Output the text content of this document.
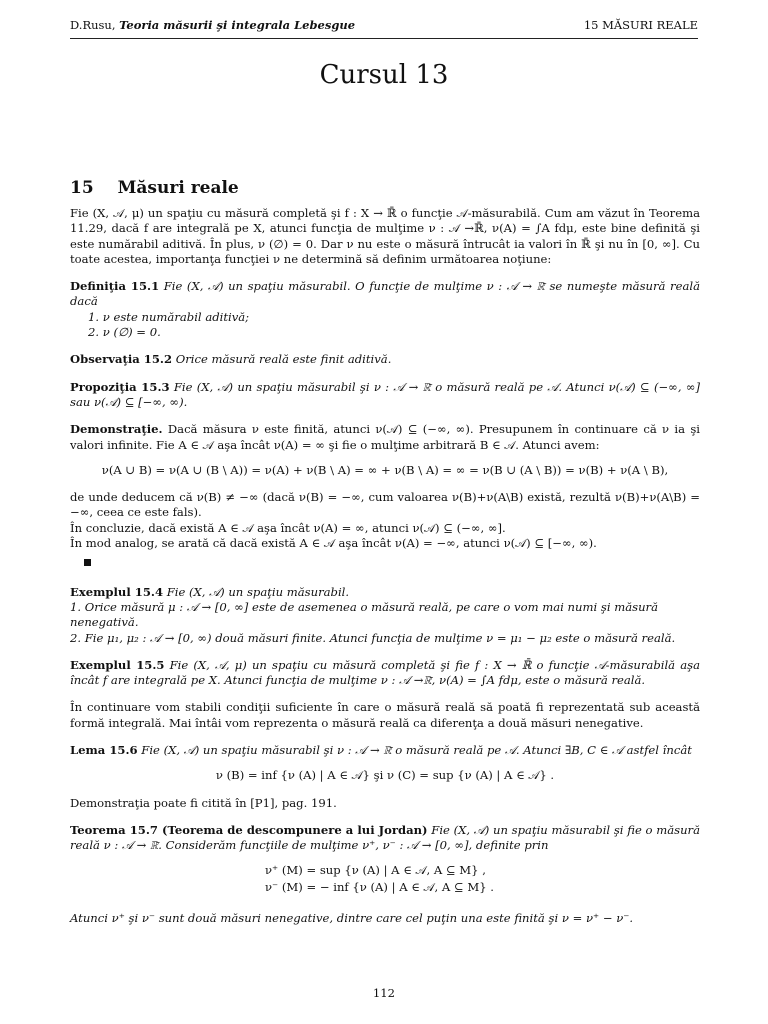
D.Rusu, Teoria măsurii şi integrala Lebesgue	15 MĂSURI REALE
Cursul 13
15 Măsuri reale

Fie (X, 𝒜, μ) un spaţiu cu măsură completă şi f : X → ℝ̄ o funcţie 𝒜-măsurabilă. Cum am văzut în Teorema 11.29, dacă f are integrală pe X, atunci funcţia de mulţime ν : 𝒜 →ℝ̄, ν(A) = ∫A fdμ, este bine definită şi este numărabil aditivă. În plus, ν (∅) = 0. Dar ν nu este o măsură întrucât ia valori în ℝ̄ şi nu în [0, ∞]. Cu toate acestea, importanţa funcţiei ν ne determină să definim următoarea noţiune:

Definiţia 15.1 Fie (X, 𝒜) un spaţiu măsurabil. O funcţie de mulţime ν : 𝒜 → ℝ̄ se numeşte măsură reală dacă

1. ν este numărabil aditivă;
2. ν (∅) = 0.

Observaţia 15.2 Orice măsură reală este finit aditivă.

Propoziţia 15.3 Fie (X, 𝒜) un spaţiu măsurabil şi ν : 𝒜 → ℝ̄ o măsură reală pe 𝒜. Atunci ν(𝒜) ⊆ (−∞, ∞] sau ν(𝒜) ⊆ [−∞, ∞).

Demonstraţie. Dacă măsura ν este finită, atunci ν(𝒜) ⊆ (−∞, ∞). Presupunem în continuare că ν ia şi valori infinite. Fie A ∈ 𝒜 aşa încât ν(A) = ∞ şi fie o mulţime arbitrară B ∈ 𝒜. Atunci avem:

ν(A ∪ B) = ν(A ∪ (B \ A)) = ν(A) + ν(B \ A) = ∞ + ν(B \ A) = ∞ = ν(B ∪ (A \ B)) = ν(B) + ν(A \ B),

de unde deducem că ν(B) ≠ −∞ (dacă ν(B) = −∞, cum valoarea ν(B)+ν(A\B) există, rezultă ν(B)+ν(A\B) = −∞, ceea ce este fals).

În concluzie, dacă există A ∈ 𝒜 aşa încât ν(A) = ∞, atunci ν(𝒜) ⊆ (−∞, ∞].

În mod analog, se arată că dacă există A ∈ 𝒜 aşa încât ν(A) = −∞, atunci ν(𝒜) ⊆ [−∞, ∞).

Exemplul 15.4 Fie (X, 𝒜) un spaţiu măsurabil.

1. Orice măsură μ : 𝒜 → [0, ∞] este de asemenea o măsură reală, pe care o vom mai numi şi măsură nenegativă.
2. Fie μ₁, μ₂ : 𝒜 → [0, ∞) două măsuri finite. Atunci funcţia de mulţime ν = μ₁ − μ₂ este o măsură reală.

Exemplul 15.5 Fie (X, 𝒜, μ) un spaţiu cu măsură completă şi fie f : X → ℝ̄ o funcţie 𝒜-măsurabilă aşa încât f are integrală pe X. Atunci funcţia de mulţime ν : 𝒜 →ℝ̄, ν(A) = ∫A fdμ, este o măsură reală.

În continuare vom stabili condiţii suficiente în care o măsură reală să poată fi reprezentată sub această formă integrală. Mai întâi vom reprezenta o măsură reală ca diferenţa a două măsuri nenegative.

Lema 15.6 Fie (X, 𝒜) un spaţiu măsurabil şi ν : 𝒜 → ℝ̄ o măsură reală pe 𝒜. Atunci ∃B, C ∈ 𝒜 astfel încât

ν (B) = inf {ν (A) | A ∈ 𝒜} şi ν (C) = sup {ν (A) | A ∈ 𝒜} .

Demonstraţia poate fi citită în [P1], pag. 191.

Teorema 15.7 (Teorema de descompunere a lui Jordan) Fie (X, 𝒜) un spaţiu măsurabil şi fie o măsură reală ν : 𝒜 → ℝ̄. Considerăm funcţiile de mulţime ν⁺, ν⁻ : 𝒜 → [0, ∞], definite prin

ν⁺ (M) = sup {ν (A) | A ∈ 𝒜, A ⊆ M} ,
ν⁻ (M) = − inf {ν (A) | A ∈ 𝒜, A ⊆ M} .

Atunci ν⁺ şi ν⁻ sunt două măsuri nenegative, dintre care cel puţin una este finită şi ν = ν⁺ − ν⁻.

112
